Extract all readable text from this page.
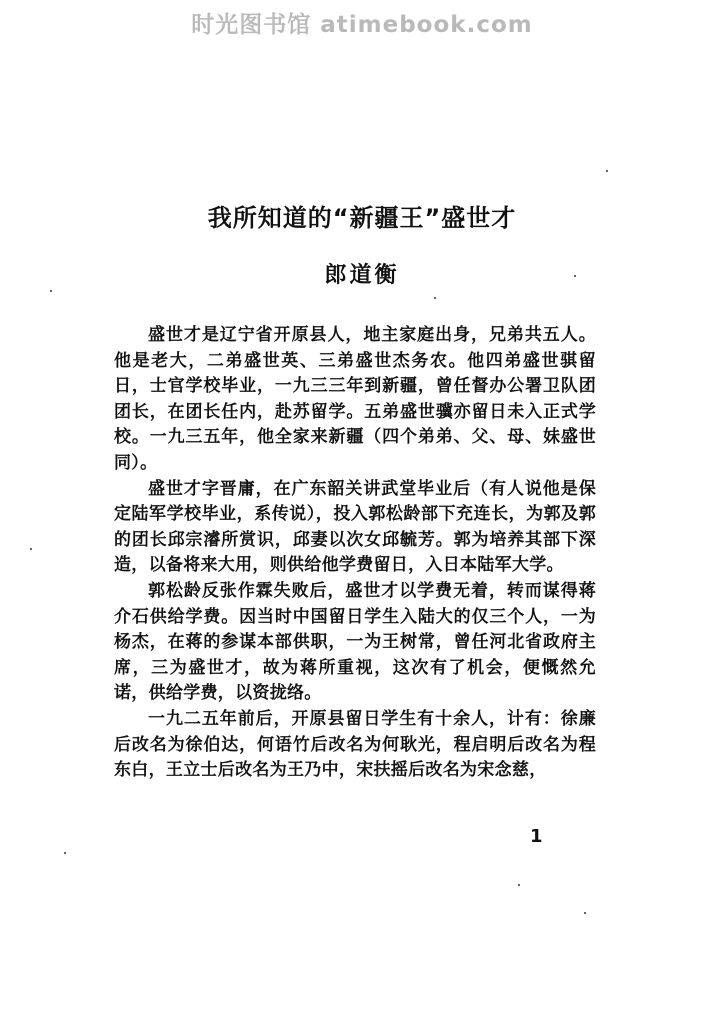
时光图书馆 atimebook.com
我所知道的“新疆王”盛世才
郎道衡

盛世才是辽宁省开原县人，地主家庭出身，兄弟共五人。他是老大，二弟盛世英、三弟盛世杰务农。他四弟盛世骐留日，士官学校毕业，一九三三年到新疆，曾任督办公署卫队团团长，在团长任内，赴苏留学。五弟盛世骥亦留日未入正式学校。一九三五年，他全家来新疆（四个弟弟、父、母、妹盛世同）。

盛世才字晋庸，在广东韶关讲武堂毕业后（有人说他是保定陆军学校毕业，系传说），投入郭松龄部下充连长，为郭及郭的团长邱宗濬所赏识，邱妻以次女邱毓芳。郭为培养其部下深造，以备将来大用，则供给他学费留日，入日本陆军大学。

郭松龄反张作霖失败后，盛世才以学费无着，转而谋得蒋介石供给学费。因当时中国留日学生入陆大的仅三个人，一为杨杰，在蒋的参谋本部供职，一为王树常，曾任河北省政府主席，三为盛世才，故为蒋所重视，这次有了机会，便慨然允诺，供给学费，以资拢络。

一九二五年前后，开原县留日学生有十余人，计有：徐廉后改名为徐伯达，何语竹后改名为何耿光，程启明后改名为程东白，王立士后改名为王乃中，宋扶摇后改名为宋念慈，

1
